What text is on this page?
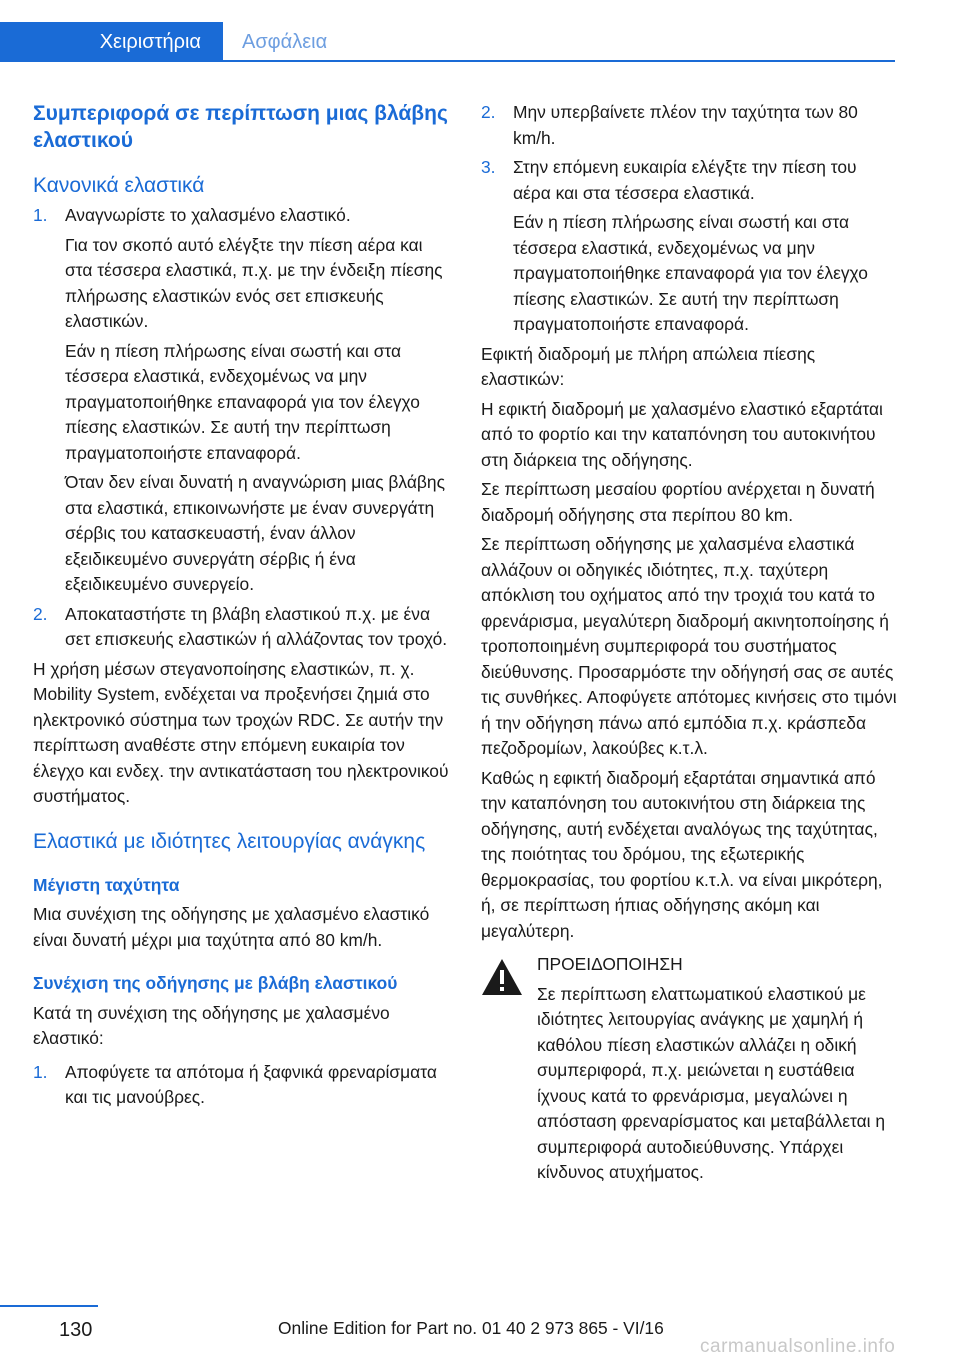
Χειριστήρια	Ασφάλεια
Συμπεριφορά σε περίπτωση μιας βλάβης ελαστικού
Κανονικά ελαστικά
1. Αναγνωρίστε το χαλασμένο ελαστικό.

Για τον σκοπό αυτό ελέγξτε την πίεση αέρα και στα τέσσερα ελαστικά, π.χ. με την ένδειξη πίεσης πλήρωσης ελαστικών ενός σετ επισκευής ελαστικών.

Εάν η πίεση πλήρωσης είναι σωστή και στα τέσσερα ελαστικά, ενδεχομένως να μην πραγματοποιήθηκε επαναφορά για τον έλεγχο πίεσης ελαστικών. Σε αυτή την περίπτωση πραγματοποιήστε επαναφορά.

Όταν δεν είναι δυνατή η αναγνώριση μιας βλάβης στα ελαστικά, επικοινωνήστε με έναν συνεργάτη σέρβις του κατασκευαστή, έναν άλλον εξειδικευμένο συνεργάτη σέρβις ή ένα εξειδικευμένο συνεργείο.

2. Αποκαταστήστε τη βλάβη ελαστικού π.χ. με ένα σετ επισκευής ελαστικών ή αλλάζοντας τον τροχό.

Η χρήση μέσων στεγανοποίησης ελαστικών, π. χ. Mobility System, ενδέχεται να προξενήσει ζημιά στο ηλεκτρονικό σύστημα των τροχών RDC. Σε αυτήν την περίπτωση αναθέστε στην επόμενη ευκαιρία τον έλεγχο και ενδεχ. την αντικατάσταση του ηλεκτρονικού συστήματος.

Ελαστικά με ιδιότητες λειτουργίας ανάγκης
Μέγιστη ταχύτητα

Μια συνέχιση της οδήγησης με χαλασμένο ελαστικό είναι δυνατή μέχρι μια ταχύτητα από 80 km/h.

Συνέχιση της οδήγησης με βλάβη ελαστικού

Κατά τη συνέχιση της οδήγησης με χαλασμένο ελαστικό:

1. Αποφύγετε τα απότομα ή ξαφνικά φρεναρίσματα και τις μανούβρες.

2. Μην υπερβαίνετε πλέον την ταχύτητα των 80 km/h.

3. Στην επόμενη ευκαιρία ελέγξτε την πίεση του αέρα και στα τέσσερα ελαστικά.

Εάν η πίεση πλήρωσης είναι σωστή και στα τέσσερα ελαστικά, ενδεχομένως να μην πραγματοποιήθηκε επαναφορά για τον έλεγχο πίεσης ελαστικών. Σε αυτή την περίπτωση πραγματοποιήστε επαναφορά.

Εφικτή διαδρομή με πλήρη απώλεια πίεσης ελαστικών:

Η εφικτή διαδρομή με χαλασμένο ελαστικό εξαρτάται από το φορτίο και την καταπόνηση του αυτοκινήτου στη διάρκεια της οδήγησης.

Σε περίπτωση μεσαίου φορτίου ανέρχεται η δυνατή διαδρομή οδήγησης στα περίπου 80 km.

Σε περίπτωση οδήγησης με χαλασμένα ελαστικά αλλάζουν οι οδηγικές ιδιότητες, π.χ. ταχύτερη απόκλιση του οχήματος από την τροχιά του κατά το φρενάρισμα, μεγαλύτερη διαδρομή ακινητοποίησης ή τροποποιημένη συμπεριφορά του συστήματος διεύθυνσης. Προσαρμόστε την οδήγησή σας σε αυτές τις συνθήκες. Αποφύγετε απότομες κινήσεις στο τιμόνι ή την οδήγηση πάνω από εμπόδια π.χ. κράσπεδα πεζοδρομίων, λακούβες κ.τ.λ.

Καθώς η εφικτή διαδρομή εξαρτάται σημαντικά από την καταπόνηση του αυτοκινήτου στη διάρκεια της οδήγησης, αυτή ενδέχεται αναλόγως της ταχύτητας, της ποιότητας του δρόμου, της εξωτερικής θερμοκρασίας, του φορτίου κ.τ.λ. να είναι μικρότερη, ή, σε περίπτωση ήπιας οδήγησης ακόμη και μεγαλύτερη.

ΠΡΟΕΙΔΟΠΟΙΗΣΗ

Σε περίπτωση ελαττωματικού ελαστικού με ιδιότητες λειτουργίας ανάγκης με χαμηλή ή καθόλου πίεση ελαστικών αλλάζει η οδική συμπεριφορά, π.χ. μειώνεται η ευστάθεια ίχνους κατά το φρενάρισμα, μεγαλώνει η απόσταση φρεναρίσματος και μεταβάλλεται η συμπεριφορά αυτοδιεύθυνσης. Υπάρχει κίνδυνος ατυχήματος.

130	Online Edition for Part no. 01 40 2 973 865 - VI/16
carmanualsonline.info
